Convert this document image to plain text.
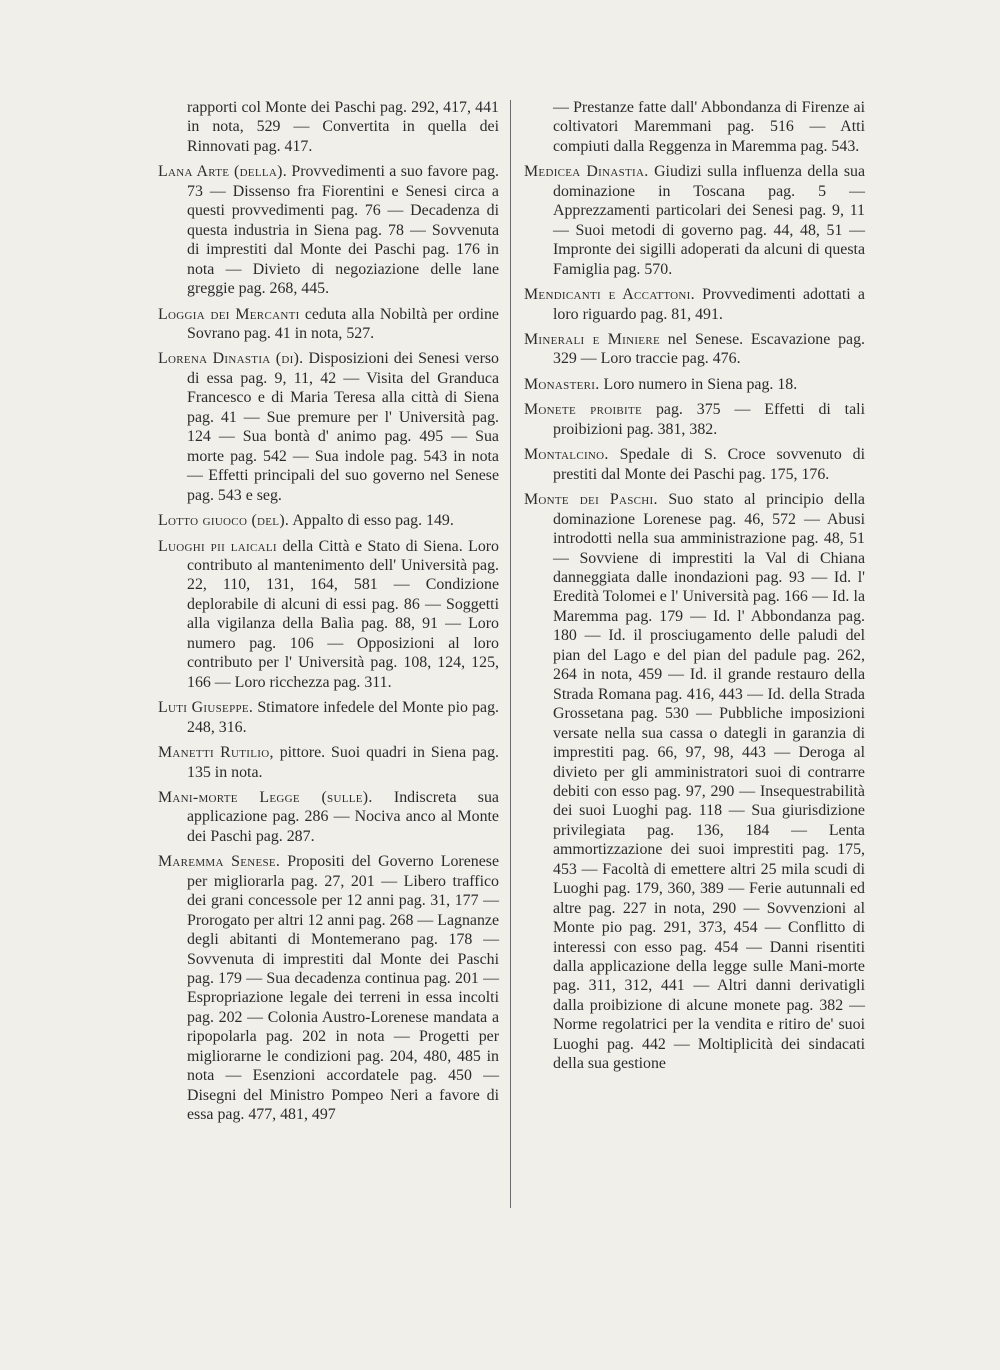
rapporti col Monte dei Paschi pag. 292, 417, 441 in nota, 529 — Convertita in quella dei Rinnovati pag. 417.

Lana Arte (della). Provvedimenti a suo favore pag. 73 — Dissenso fra Fiorentini e Senesi circa a questi provvedimenti pag. 76 — Decadenza di questa industria in Siena pag. 78 — Sovvenuta di imprestiti dal Monte dei Paschi pag. 176 in nota — Divieto di negoziazione delle lane greggie pag. 268, 445.

Loggia dei Mercanti ceduta alla Nobiltà per ordine Sovrano pag. 41 in nota, 527.

Lorena Dinastia (di). Disposizioni dei Senesi verso di essa pag. 9, 11, 42 — Visita del Granduca Francesco e di Maria Teresa alla città di Siena pag. 41 — Sue premure per l' Università pag. 124 — Sua bontà d' animo pag. 495 — Sua morte pag. 542 — Sua indole pag. 543 in nota — Effetti principali del suo governo nel Senese pag. 543 e seg.

Lotto giuoco (del). Appalto di esso pag. 149.

Luoghi pii laicali della Città e Stato di Siena. Loro contributo al mantenimento dell' Università pag. 22, 110, 131, 164, 581 — Condizione deplorabile di alcuni di essi pag. 86 — Soggetti alla vigilanza della Balìa pag. 88, 91 — Loro numero pag. 106 — Opposizioni al loro contributo per l' Università pag. 108, 124, 125, 166 — Loro ricchezza pag. 311.

Luti Giuseppe. Stimatore infedele del Monte pio pag. 248, 316.

Manetti Rutilio, pittore. Suoi quadri in Siena pag. 135 in nota.

Mani-morte Legge (sulle). Indiscreta sua applicazione pag. 286 — Nociva anco al Monte dei Paschi pag. 287.

Maremma Senese. Propositi del Governo Lorenese per migliorarla pag. 27, 201 — Libero traffico dei grani concessole per 12 anni pag. 31, 177 — Prorogato per altri 12 anni pag. 268 — Lagnanze degli abitanti di Montemerano pag. 178 — Sovvenuta di imprestiti dal Monte dei Paschi pag. 179 — Sua decadenza continua pag. 201 — Espropriazione legale dei terreni in essa incolti pag. 202 — Colonia Austro-Lorenese mandata a ripopolarla pag. 202 in nota — Progetti per migliorarne le condizioni pag. 204, 480, 485 in nota — Esenzioni accordatele pag. 450 — Disegni del Ministro Pompeo Neri a favore di essa pag. 477, 481, 497

— Prestanze fatte dall' Abbondanza di Firenze ai coltivatori Maremmani pag. 516 — Atti compiuti dalla Reggenza in Maremma pag. 543.

Medicea Dinastia. Giudizi sulla influenza della sua dominazione in Toscana pag. 5 — Apprezzamenti particolari dei Senesi pag. 9, 11 — Suoi metodi di governo pag. 44, 48, 51 — Impronte dei sigilli adoperati da alcuni di questa Famiglia pag. 570.

Mendicanti e Accattoni. Provvedimenti adottati a loro riguardo pag. 81, 491.

Minerali e Miniere nel Senese. Escavazione pag. 329 — Loro traccie pag. 476.

Monasteri. Loro numero in Siena pag. 18.

Monete proibite pag. 375 — Effetti di tali proibizioni pag. 381, 382.

Montalcino. Spedale di S. Croce sovvenuto di prestiti dal Monte dei Paschi pag. 175, 176.

Monte dei Paschi. Suo stato al principio della dominazione Lorenese pag. 46, 572 — Abusi introdotti nella sua amministrazione pag. 48, 51 — Sovviene di imprestiti la Val di Chiana danneggiata dalle inondazioni pag. 93 — Id. l' Eredità Tolomei e l' Università pag. 166 — Id. la Maremma pag. 179 — Id. l' Abbondanza pag. 180 — Id. il prosciugamento delle paludi del pian del Lago e del pian del padule pag. 262, 264 in nota, 459 — Id. il grande restauro della Strada Romana pag. 416, 443 — Id. della Strada Grossetana pag. 530 — Pubbliche imposizioni versate nella sua cassa o dategli in garanzia di imprestiti pag. 66, 97, 98, 443 — Deroga al divieto per gli amministratori suoi di contrarre debiti con esso pag. 97, 290 — Insequestrabilità dei suoi Luoghi pag. 118 — Sua giurisdizione privilegiata pag. 136, 184 — Lenta ammortizzazione dei suoi imprestiti pag. 175, 453 — Facoltà di emettere altri 25 mila scudi di Luoghi pag. 179, 360, 389 — Ferie autunnali ed altre pag. 227 in nota, 290 — Sovvenzioni al Monte pio pag. 291, 373, 454 — Conflitto di interessi con esso pag. 454 — Danni risentiti dalla applicazione della legge sulle Mani-morte pag. 311, 312, 441 — Altri danni derivatigli dalla proibizione di alcune monete pag. 382 — Norme regolatrici per la vendita e ritiro de' suoi Luoghi pag. 442 — Moltiplicità dei sindacati della sua gestione
